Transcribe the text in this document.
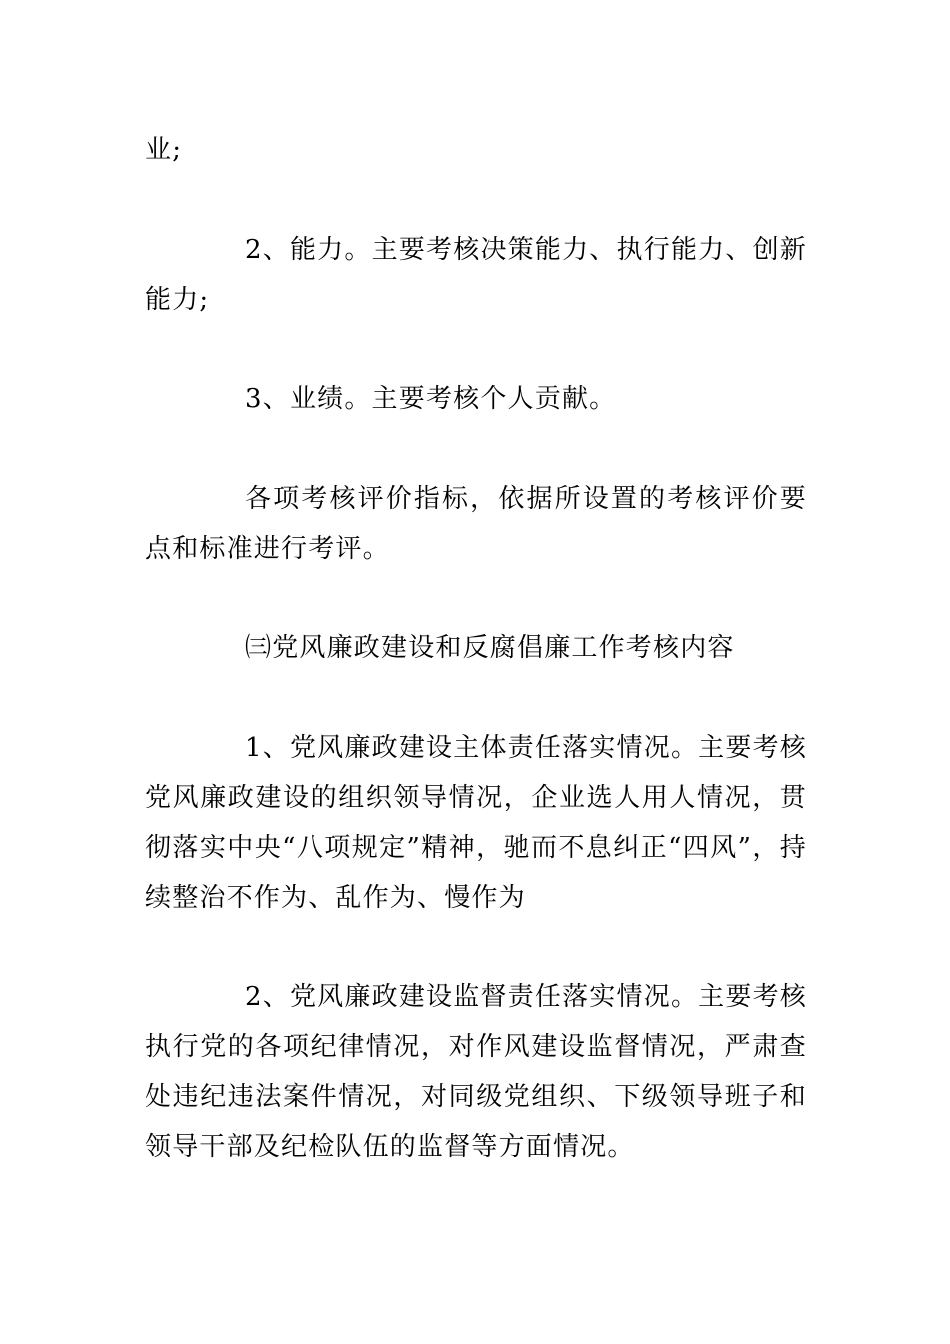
业;

2、能力。主要考核决策能力、执行能力、创新能力;

3、业绩。主要考核个人贡献。

各项考核评价指标，依据所设置的考核评价要点和标准进行考评。

㈢党风廉政建设和反腐倡廉工作考核内容

1、党风廉政建设主体责任落实情况。主要考核党风廉政建设的组织领导情况，企业选人用人情况，贯彻落实中央“八项规定”精神，驰而不息纠正“四风”，持续整治不作为、乱作为、慢作为

2、党风廉政建设监督责任落实情况。主要考核执行党的各项纪律情况，对作风建设监督情况，严肃查处违纪违法案件情况，对同级党组织、下级领导班子和领导干部及纪检队伍的监督等方面情况。
